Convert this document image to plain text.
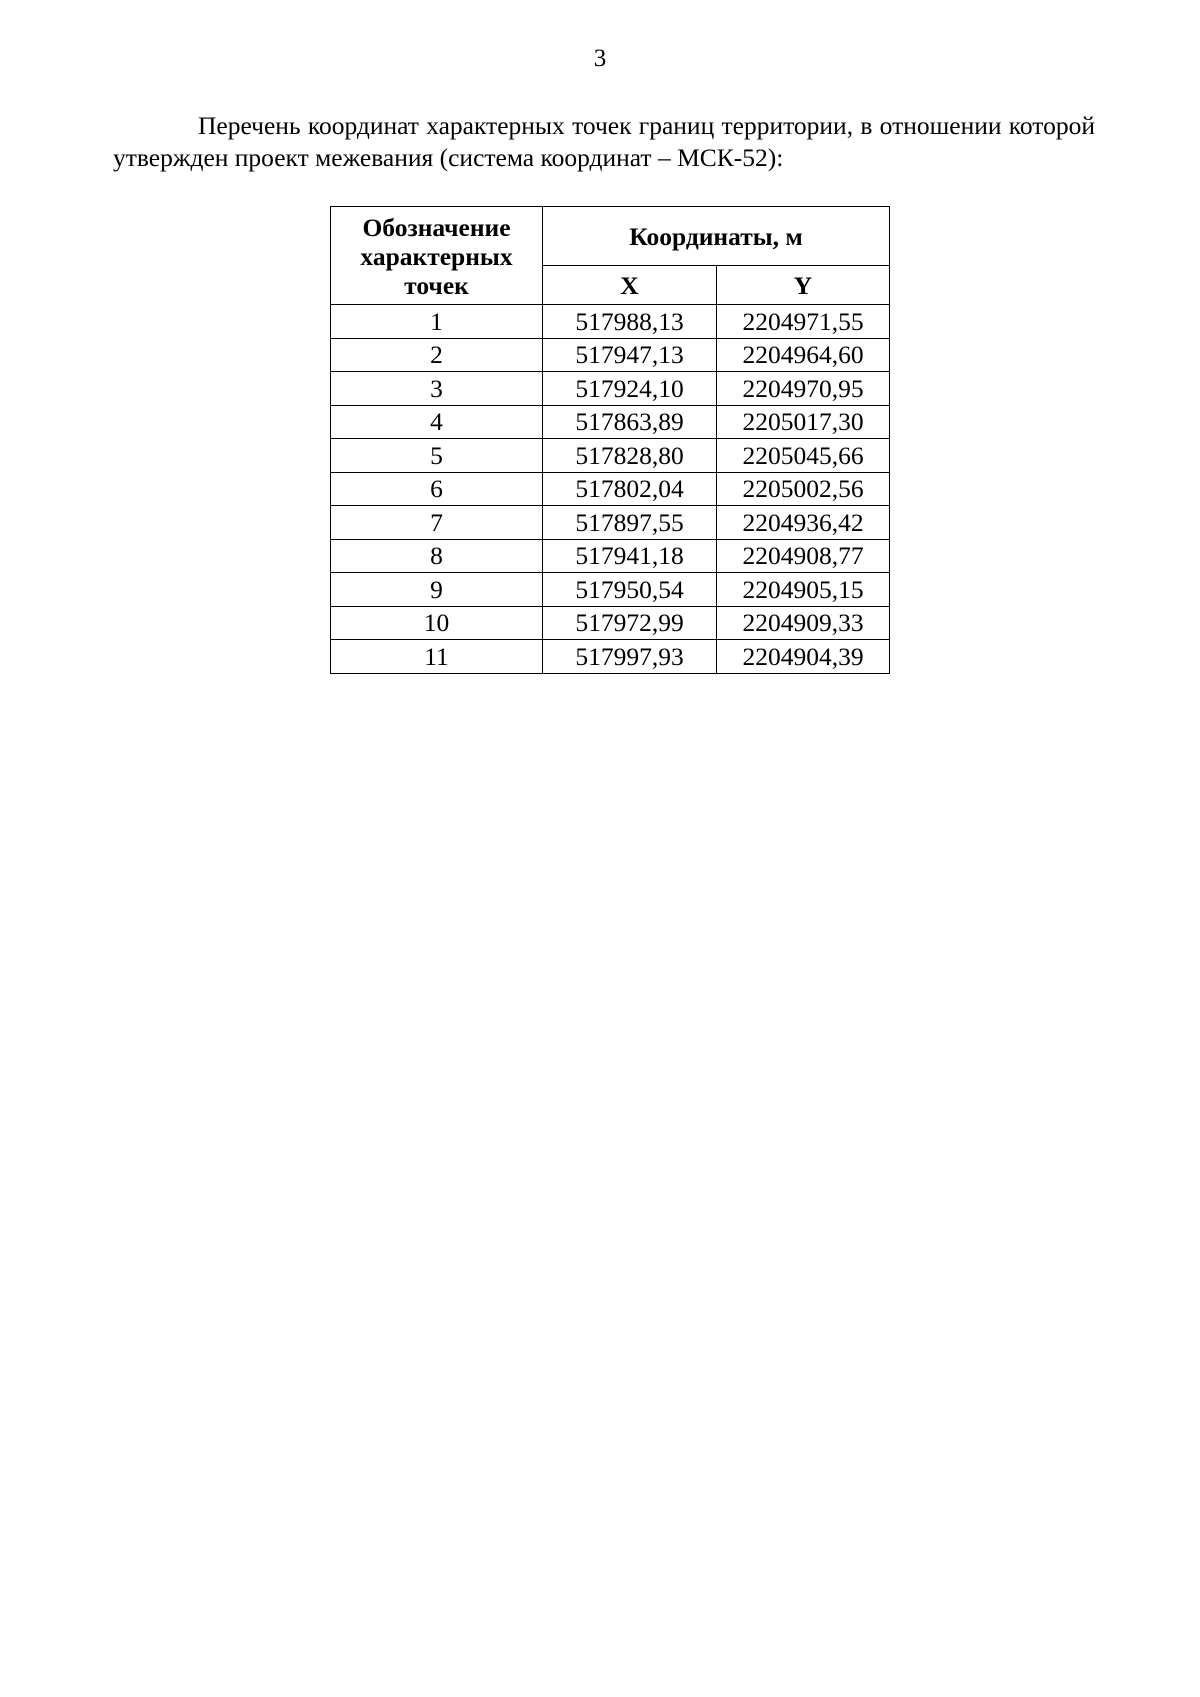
3

Перечень координат характерных точек границ территории, в отношении которой утвержден проект межевания (система координат – МСК-52):

Обозначение характерных точек	Координаты, м	
	X	Y
1	517988,13	2204971,55
2	517947,13	2204964,60
3	517924,10	2204970,95
4	517863,89	2205017,30
5	517828,80	2205045,66
6	517802,04	2205002,56
7	517897,55	2204936,42
8	517941,18	2204908,77
9	517950,54	2204905,15
10	517972,99	2204909,33
11	517997,93	2204904,39
